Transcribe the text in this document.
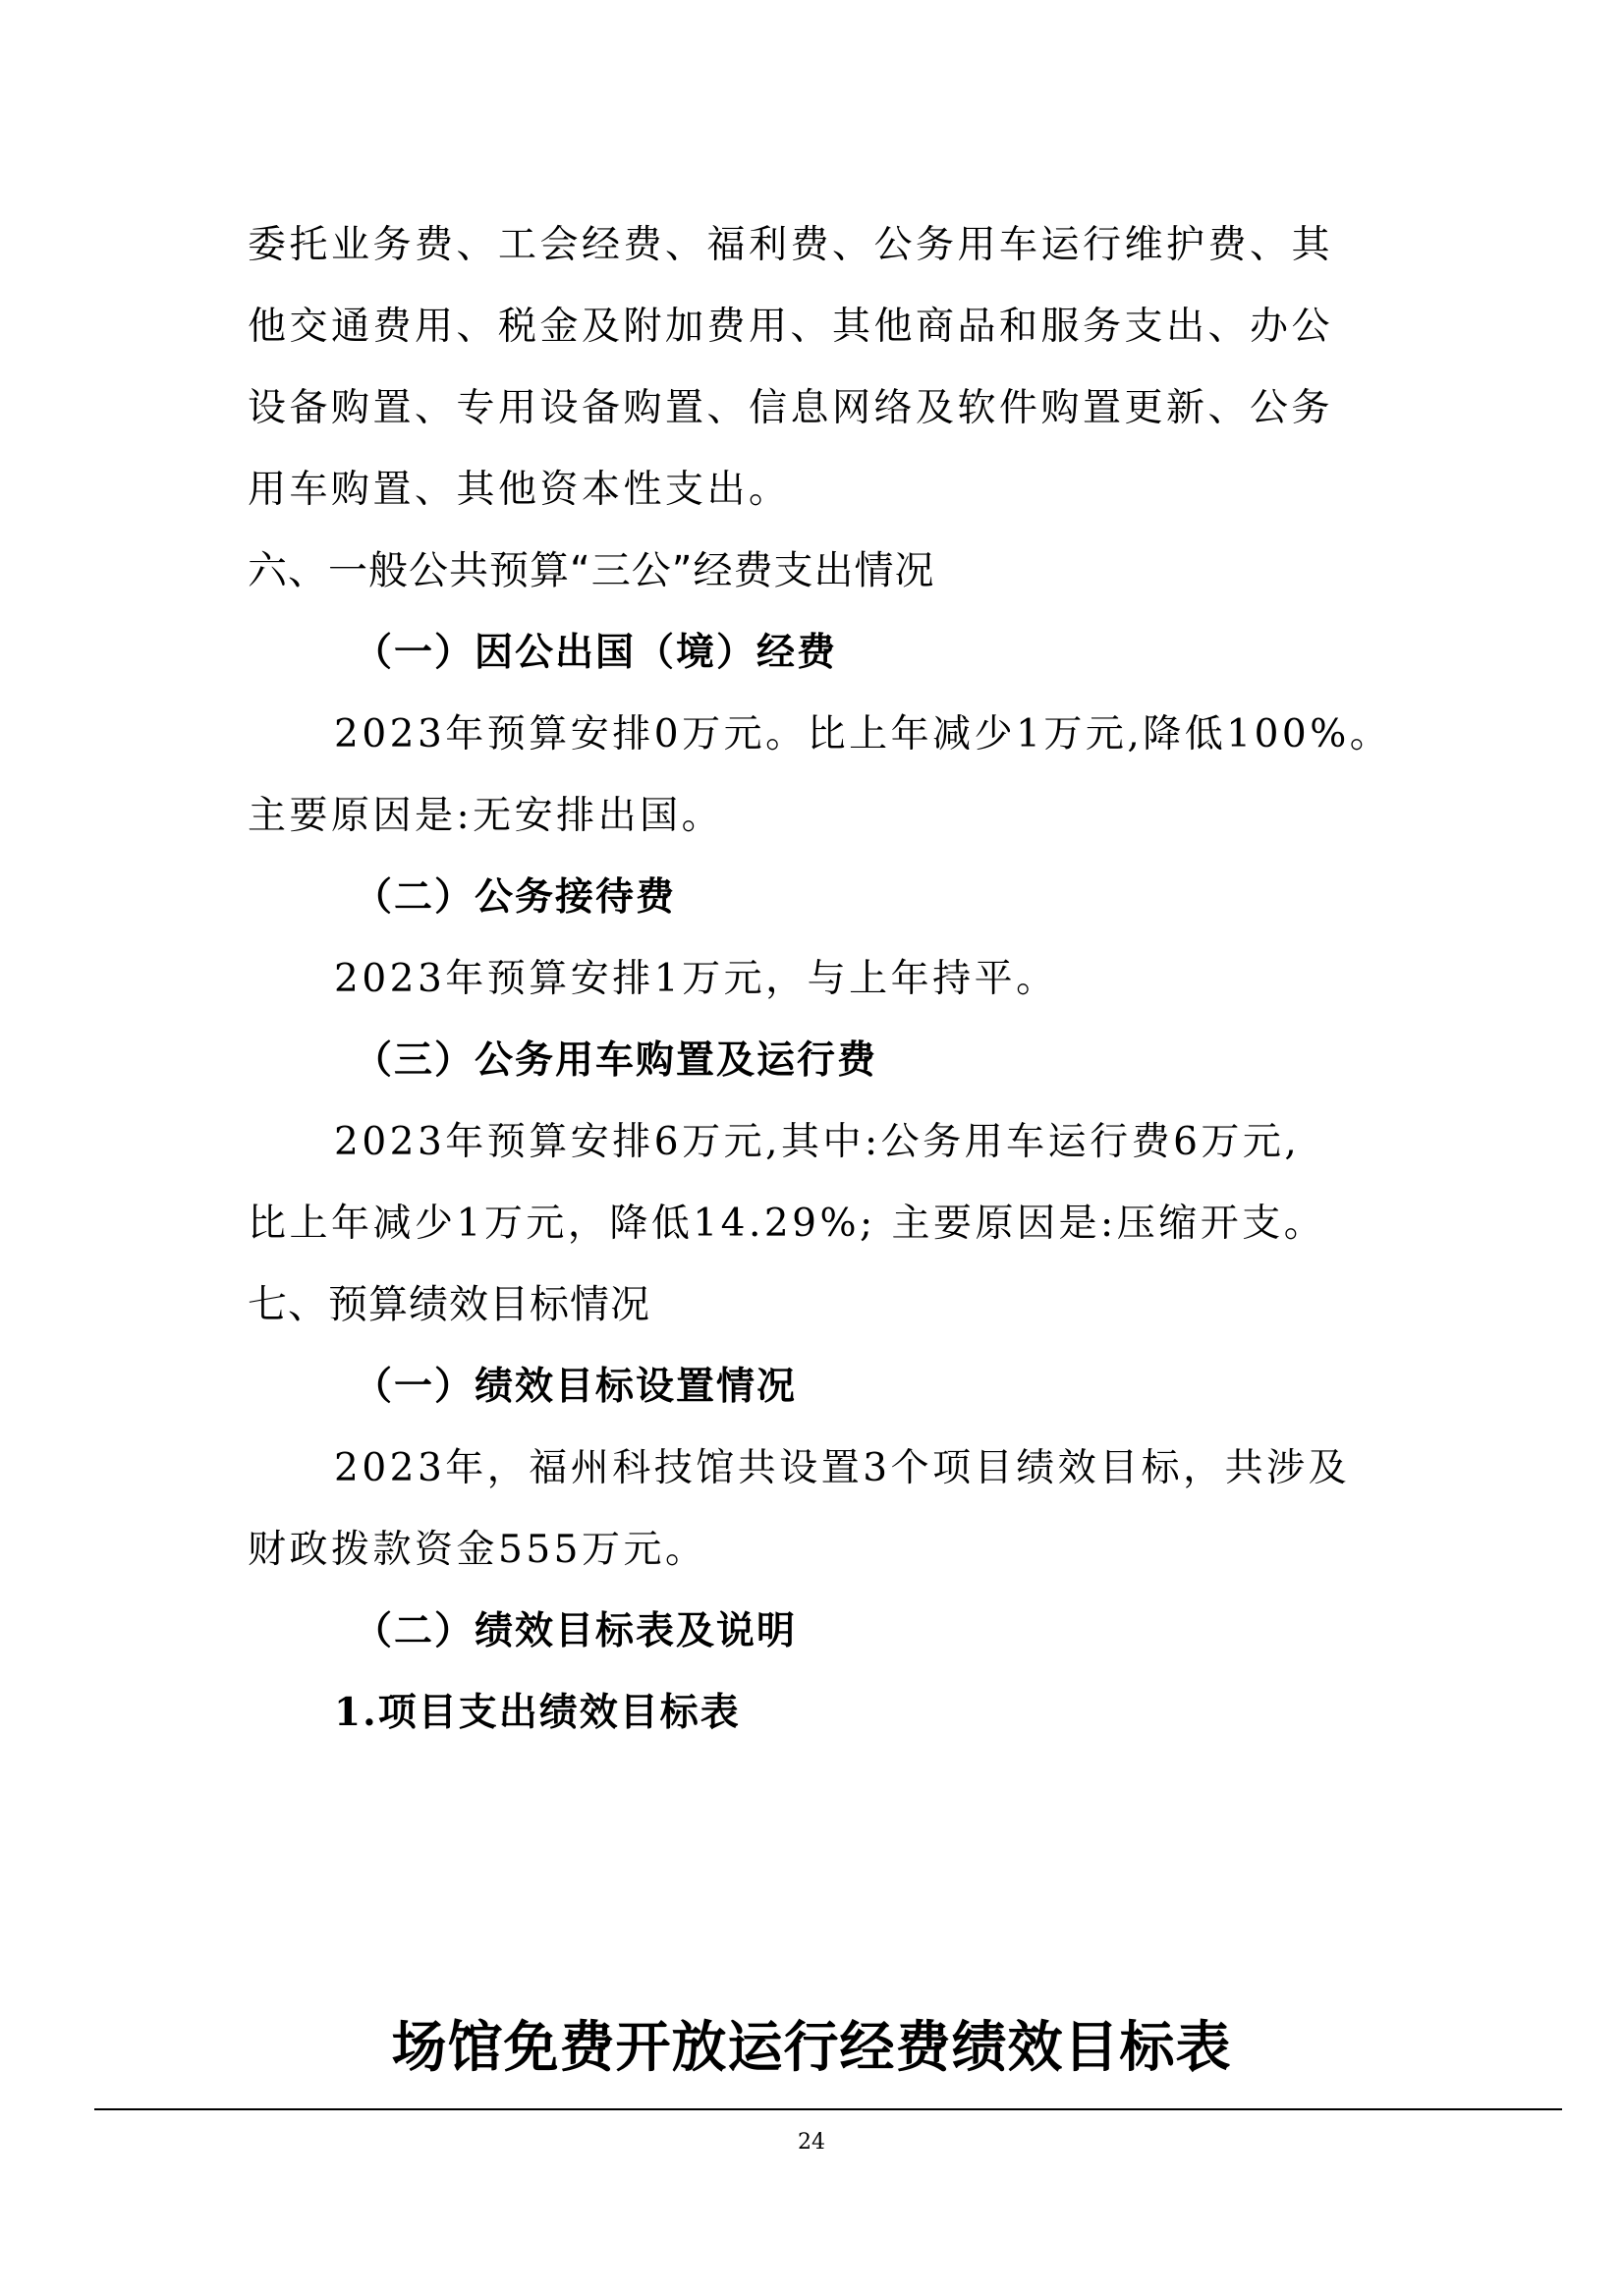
委托业务费、工会经费、福利费、公务用车运行维护费、其
他交通费用、税金及附加费用、其他商品和服务支出、办公
设备购置、专用设备购置、信息网络及软件购置更新、公务
用车购置、其他资本性支出。
六、一般公共预算“三公”经费支出情况
（一）因公出国（境）经费
2023年预算安排0万元。比上年减少1万元,降低100%。
主要原因是:无安排出国。
（二）公务接待费
2023年预算安排1万元，与上年持平。
（三）公务用车购置及运行费
2023年预算安排6万元,其中:公务用车运行费6万元,
比上年减少1万元，降低14.29%; 主要原因是:压缩开支。
七、预算绩效目标情况
（一）绩效目标设置情况
2023年，福州科技馆共设置3个项目绩效目标，共涉及
财政拨款资金555万元。
（二）绩效目标表及说明
1.项目支出绩效目标表
场馆免费开放运行经费绩效目标表
24
